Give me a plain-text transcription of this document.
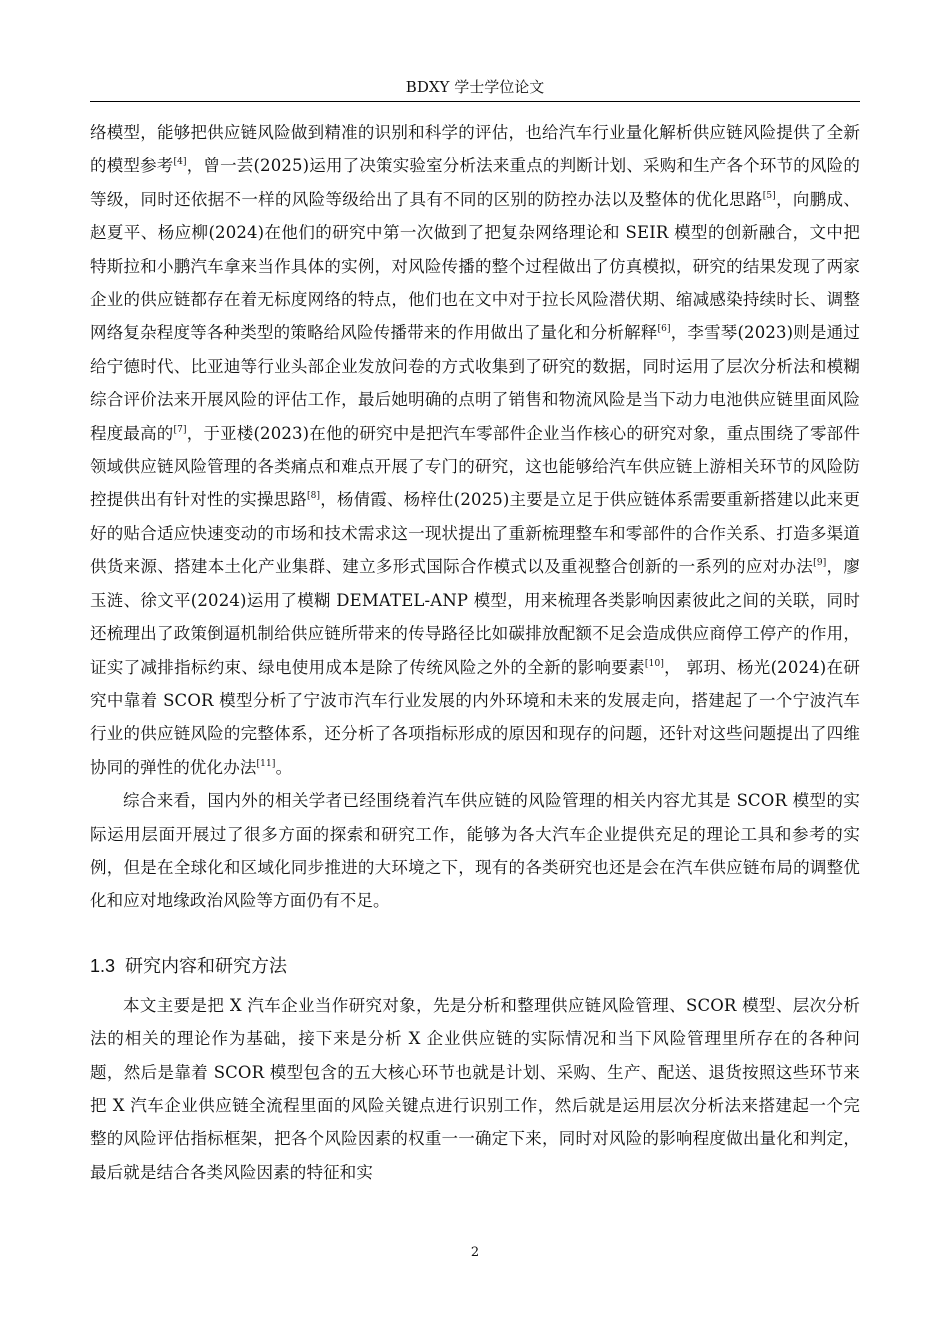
BDXY 学士学位论文

络模型，能够把供应链风险做到精准的识别和科学的评估，也给汽车行业量化解析供应链风险提供了全新的模型参考[4]，曾一芸(2025)运用了决策实验室分析法来重点的判断计划、采购和生产各个环节的风险的等级，同时还依据不一样的风险等级给出了具有不同的区别的防控办法以及整体的优化思路[5]，向鹏成、赵夏平、杨应柳(2024)在他们的研究中第一次做到了把复杂网络理论和 SEIR 模型的创新融合，文中把特斯拉和小鹏汽车拿来当作具体的实例，对风险传播的整个过程做出了仿真模拟，研究的结果发现了两家企业的供应链都存在着无标度网络的特点，他们也在文中对于拉长风险潜伏期、缩减感染持续时长、调整网络复杂程度等各种类型的策略给风险传播带来的作用做出了量化和分析解释[6]，李雪琴(2023)则是通过给宁德时代、比亚迪等行业头部企业发放问卷的方式收集到了研究的数据，同时运用了层次分析法和模糊综合评价法来开展风险的评估工作，最后她明确的点明了销售和物流风险是当下动力电池供应链里面风险程度最高的[7]，于亚楼(2023)在他的研究中是把汽车零部件企业当作核心的研究对象，重点围绕了零部件领域供应链风险管理的各类痛点和难点开展了专门的研究，这也能够给汽车供应链上游相关环节的风险防控提供出有针对性的实操思路[8]，杨倩霞、杨梓仕(2025)主要是立足于供应链体系需要重新搭建以此来更好的贴合适应快速变动的市场和技术需求这一现状提出了重新梳理整车和零部件的合作关系、打造多渠道供货来源、搭建本土化产业集群、建立多形式国际合作模式以及重视整合创新的一系列的应对办法[9]，廖玉涟、徐文平(2024)运用了模糊 DEMATEL-ANP 模型，用来梳理各类影响因素彼此之间的关联，同时还梳理出了政策倒逼机制给供应链所带来的传导路径比如碳排放配额不足会造成供应商停工停产的作用，证实了减排指标约束、绿电使用成本是除了传统风险之外的全新的影响要素[10]， 郭玥、杨光(2024)在研究中靠着 SCOR 模型分析了宁波市汽车行业发展的内外环境和未来的发展走向，搭建起了一个宁波汽车行业的供应链风险的完整体系，还分析了各项指标形成的原因和现存的问题，还针对这些问题提出了四维协同的弹性的优化办法[11]。

综合来看，国内外的相关学者已经围绕着汽车供应链的风险管理的相关内容尤其是 SCOR 模型的实际运用层面开展过了很多方面的探索和研究工作，能够为各大汽车企业提供充足的理论工具和参考的实例，但是在全球化和区域化同步推进的大环境之下，现有的各类研究也还是会在汽车供应链布局的调整优化和应对地缘政治风险等方面仍有不足。

1.3 研究内容和研究方法

本文主要是把 X 汽车企业当作研究对象，先是分析和整理供应链风险管理、SCOR 模型、层次分析法的相关的理论作为基础，接下来是分析 X 企业供应链的实际情况和当下风险管理里所存在的各种问题，然后是靠着 SCOR 模型包含的五大核心环节也就是计划、采购、生产、配送、退货按照这些环节来把 X 汽车企业供应链全流程里面的风险关键点进行识别工作，然后就是运用层次分析法来搭建起一个完整的风险评估指标框架，把各个风险因素的权重一一确定下来，同时对风险的影响程度做出量化和判定，最后就是结合各类风险因素的特征和实

2
